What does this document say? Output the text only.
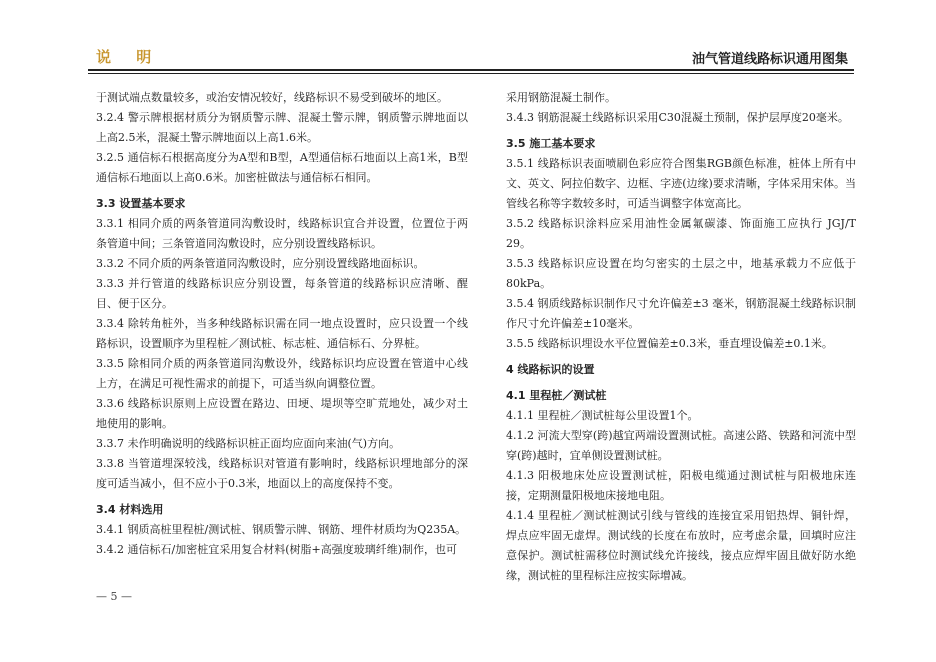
说 明	油气管道线路标识通用图集

于测试端点数量较多，或治安情况较好，线路标识不易受到破坏的地区。

3.2.4 警示牌根据材质分为钢质警示牌、混凝土警示牌，钢质警示牌地面以上高2.5米，混凝土警示牌地面以上高1.6米。

3.2.5 通信标石根据高度分为A型和B型，A型通信标石地面以上高1米，B型通信标石地面以上高0.6米。加密桩做法与通信标石相同。

3.3 设置基本要求

3.3.1 相同介质的两条管道同沟敷设时，线路标识宜合并设置，位置位于两条管道中间；三条管道同沟敷设时，应分别设置线路标识。

3.3.2 不同介质的两条管道同沟敷设时，应分别设置线路地面标识。

3.3.3 并行管道的线路标识应分别设置，每条管道的线路标识应清晰、醒目、便于区分。

3.3.4 除转角桩外，当多种线路标识需在同一地点设置时，应只设置一个线路标识，设置顺序为里程桩／测试桩、标志桩、通信标石、分界桩。

3.3.5 除相同介质的两条管道同沟敷设外，线路标识均应设置在管道中心线上方，在满足可视性需求的前提下，可适当纵向调整位置。

3.3.6 线路标识原则上应设置在路边、田埂、堤坝等空旷荒地处，减少对土地使用的影响。

3.3.7 未作明确说明的线路标识桩正面均应面向来油(气)方向。

3.3.8 当管道埋深较浅，线路标识对管道有影响时，线路标识埋地部分的深度可适当减小，但不应小于0.3米，地面以上的高度保持不变。

3.4 材料选用

3.4.1 钢质高桩里程桩/测试桩、钢质警示牌、钢筋、埋件材质均为Q235A。

3.4.2 通信标石/加密桩宜采用复合材料(树脂+高强度玻璃纤维)制作，也可

采用钢筋混凝土制作。

3.4.3 钢筋混凝土线路标识采用C30混凝土预制，保护层厚度20毫米。

3.5 施工基本要求

3.5.1 线路标识表面喷刷色彩应符合图集RGB颜色标准，桩体上所有中文、英文、阿拉伯数字、边框、字迹(边缘)要求清晰，字体采用宋体。当管线名称等字数较多时，可适当调整字体宽高比。

3.5.2 线路标识涂料应采用油性金属氟碳漆、饰面施工应执行 JGJ/T 29。

3.5.3 线路标识应设置在均匀密实的土层之中，地基承载力不应低于80kPa。

3.5.4 钢质线路标识制作尺寸允许偏差±3 毫米，钢筋混凝土线路标识制作尺寸允许偏差±10毫米。

3.5.5 线路标识埋设水平位置偏差±0.3米，垂直埋设偏差±0.1米。

4 线路标识的设置

4.1 里程桩／测试桩

4.1.1 里程桩／测试桩每公里设置1个。

4.1.2 河流大型穿(跨)越宜两端设置测试桩。高速公路、铁路和河流中型穿(跨)越时，宜单侧设置测试桩。

4.1.3 阳极地床处应设置测试桩，阳极电缆通过测试桩与阳极地床连接，定期测量阳极地床接地电阻。

4.1.4 里程桩／测试桩测试引线与管线的连接宜采用铝热焊、铜针焊，焊点应牢固无虚焊。测试线的长度在布放时，应考虑余量，回填时应注意保护。测试桩需移位时测试线允许接线，接点应焊牢固且做好防水绝缘，测试桩的里程标注应按实际增减。

— 5 —
